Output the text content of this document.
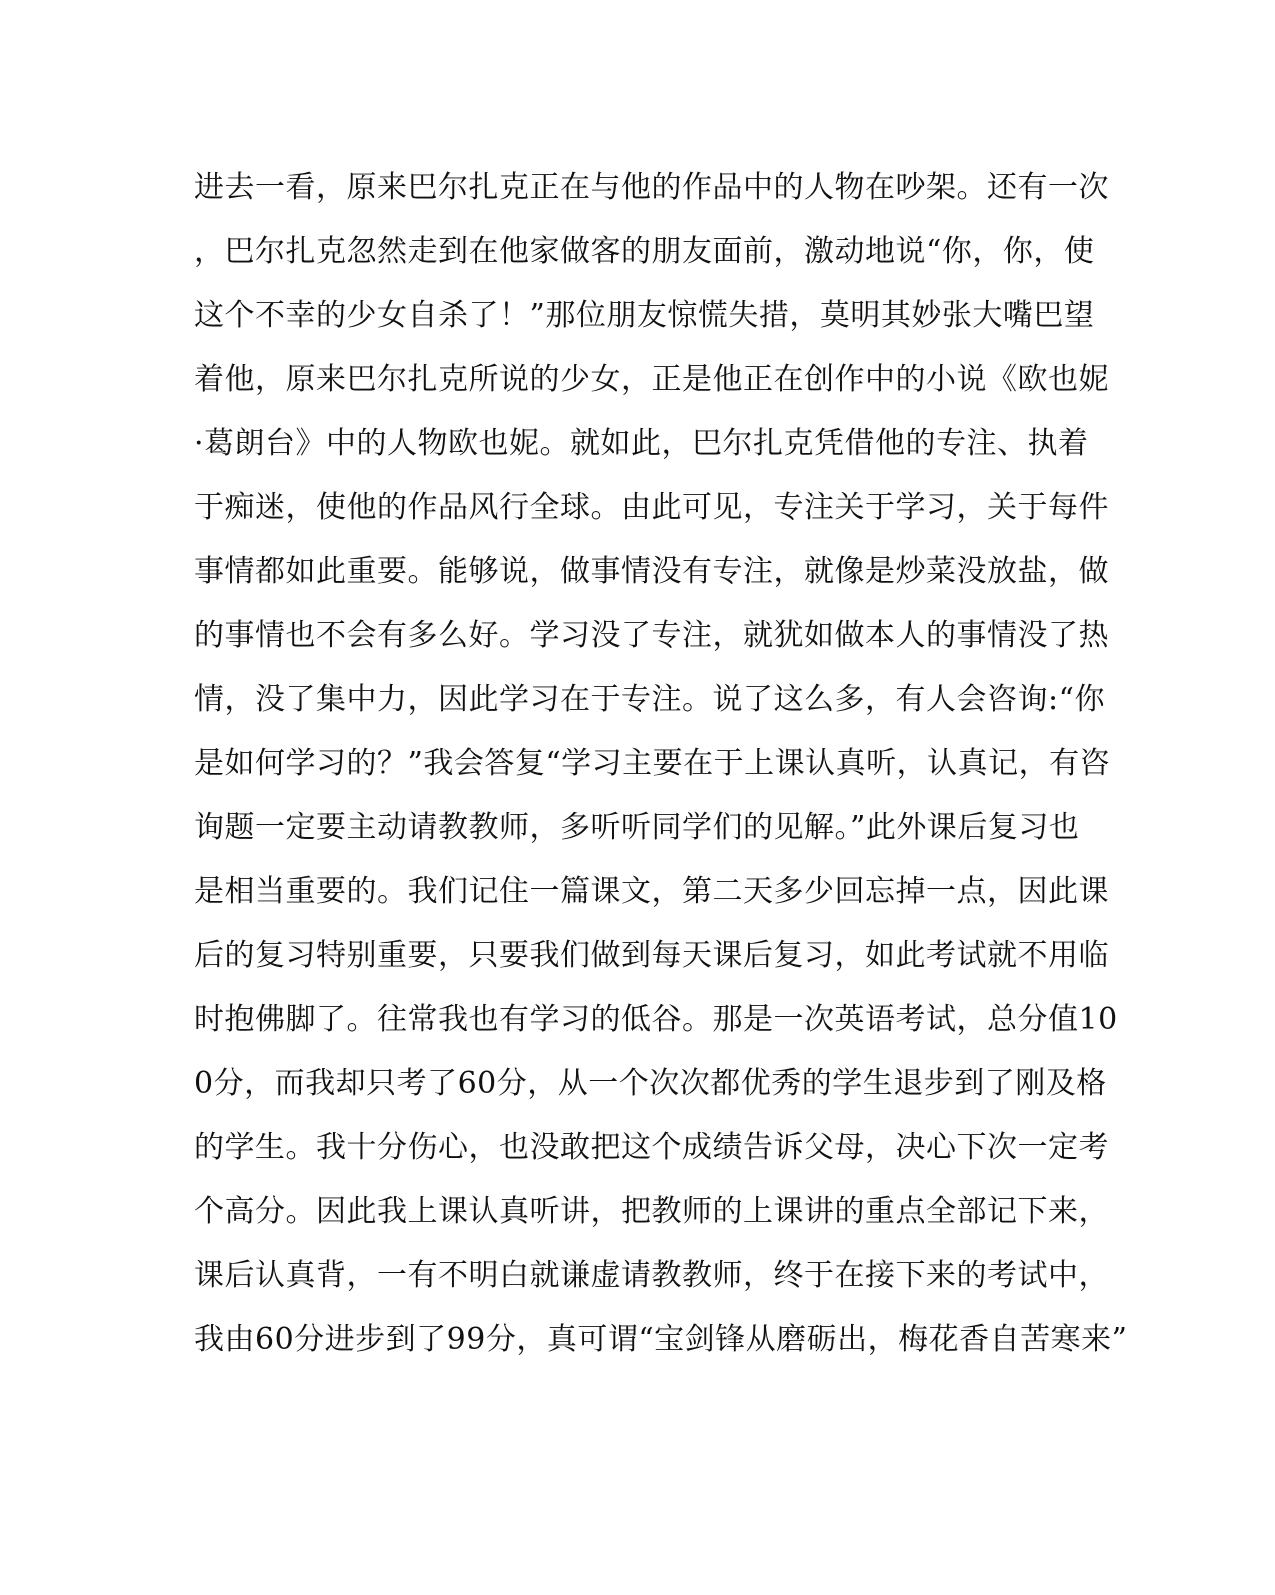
进去一看，原来巴尔扎克正在与他的作品中的人物在吵架。还有一次
，巴尔扎克忽然走到在他家做客的朋友面前，激动地说“你，你，使
这个不幸的少女自杀了！”那位朋友惊慌失措，莫明其妙张大嘴巴望
着他，原来巴尔扎克所说的少女，正是他正在创作中的小说《欧也妮
·葛朗台》中的人物欧也妮。就如此，巴尔扎克凭借他的专注、执着
于痴迷，使他的作品风行全球。由此可见，专注关于学习，关于每件
事情都如此重要。能够说，做事情没有专注，就像是炒菜没放盐，做
的事情也不会有多么好。学习没了专注，就犹如做本人的事情没了热
情，没了集中力，因此学习在于专注。说了这么多，有人会咨询:“你
是如何学习的？”我会答复“学习主要在于上课认真听，认真记，有咨
询题一定要主动请教教师，多听听同学们的见解。”此外课后复习也
是相当重要的。我们记住一篇课文，第二天多少回忘掉一点，因此课
后的复习特别重要，只要我们做到每天课后复习，如此考试就不用临
时抱佛脚了。往常我也有学习的低谷。那是一次英语考试，总分值10
0分，而我却只考了60分，从一个次次都优秀的学生退步到了刚及格
的学生。我十分伤心，也没敢把这个成绩告诉父母，决心下次一定考
个高分。因此我上课认真听讲，把教师的上课讲的重点全部记下来，
课后认真背，一有不明白就谦虚请教教师，终于在接下来的考试中，
我由60分进步到了99分，真可谓“宝剑锋从磨砺出，梅花香自苦寒来”
